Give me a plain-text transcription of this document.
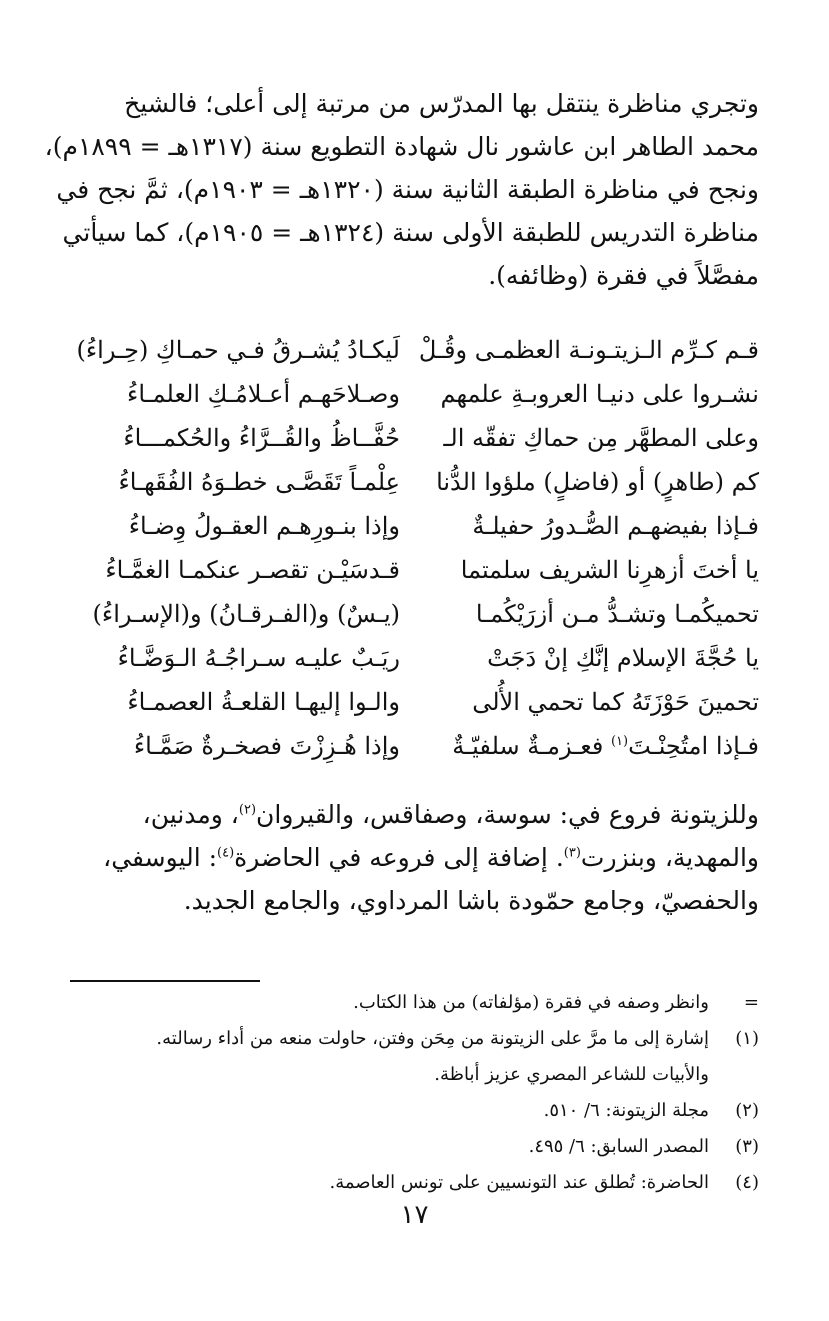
وتجري مناظرة ينتقل بها المدرّس من مرتبة إلى أعلى؛ فالشيخ
محمد الطاهر ابن عاشور نال شهادة التطويع سنة (١٣١٧هـ = ١٨٩٩م)،
ونجح في مناظرة الطبقة الثانية سنة (١٣٢٠هـ = ١٩٠٣م)، ثمَّ نجح في
مناظرة التدريس للطبقة الأولى سنة (١٣٢٤هـ = ١٩٠٥م)، كما سيأتي
مفصَّلاً في فقرة (وظائفه).
قـم كـرِّم الـزيتـونـة العظمـى وقُـلْ
لَيكـادُ يُشـرقُ فـي حمـاكِ (حِـراءُ)
نشـروا على دنيـا العروبـةِ علمهم
وصـلاحَهـم أعـلامُـكِ العلمـاءُ
وعلى المطهَّر مِن حماكِ تفقّه الـ
حُفَّــاظُ والقُــرَّاءُ والحُكمـــاءُ
كم (طاهرٍ) أو (فاضلٍ) ملؤوا الدُّنا
عِلْمـاً تَقَصَّـى خطـوَهُ الفُقَهـاءُ
فـإذا بفيضهـم الصُّـدورُ حفيلـةٌ
وإذا بنـورِهـم العقـولُ وِضـاءُ
يا أختَ أزهرِنا الشريف سلمتما
قـدسَيْـن تقصـر عنكمـا الغمَّـاءُ
تحميكُمـا وتشـدُّ مـن أزرَيْكُمـا
(يـسٌ) و(الفـرقـانُ) و(الإسـراءُ)
يا حُجَّةَ الإسلام إنَّكِ إنْ دَجَتْ
ريَـبٌ عليـه سـراجُـهُ الـوَضَّـاءُ
تحمينَ حَوْزَتَهُ كما تحمي الأُلى
والـوا إليهـا القلعـةُ العصمـاءُ
فـإذا امتُحِنْـتَ$^{(١)}$ فعـزمـةٌ سلفيّـةٌ
وإذا هُـزِزْتَ فصخـرةٌ صَمَّـاءُ
وللزيتونة فروع في: سوسة، وصفاقس، والقيروان$^{(٢)}$، ومدنين،
والمهدية، وبنزرت$^{(٣)}$. إضافة إلى فروعه في الحاضرة$^{(٤)}$: اليوسفي،
والحفصيّ، وجامع حمّودة باشا المرداوي، والجامع الجديد.
=
وانظر وصفه في فقرة (مؤلفاته) من هذا الكتاب.
(١)
إشارة إلى ما مرَّ على الزيتونة من مِحَن وفتن، حاولت منعه من أداء رسالته.
والأبيات للشاعر المصري عزيز أباظة.
(٢)
مجلة الزيتونة: ٦/ ٥١٠.
(٣)
المصدر السابق: ٦/ ٤٩٥.
(٤)
الحاضرة: تُطلق عند التونسيين على تونس العاصمة.
١٧
